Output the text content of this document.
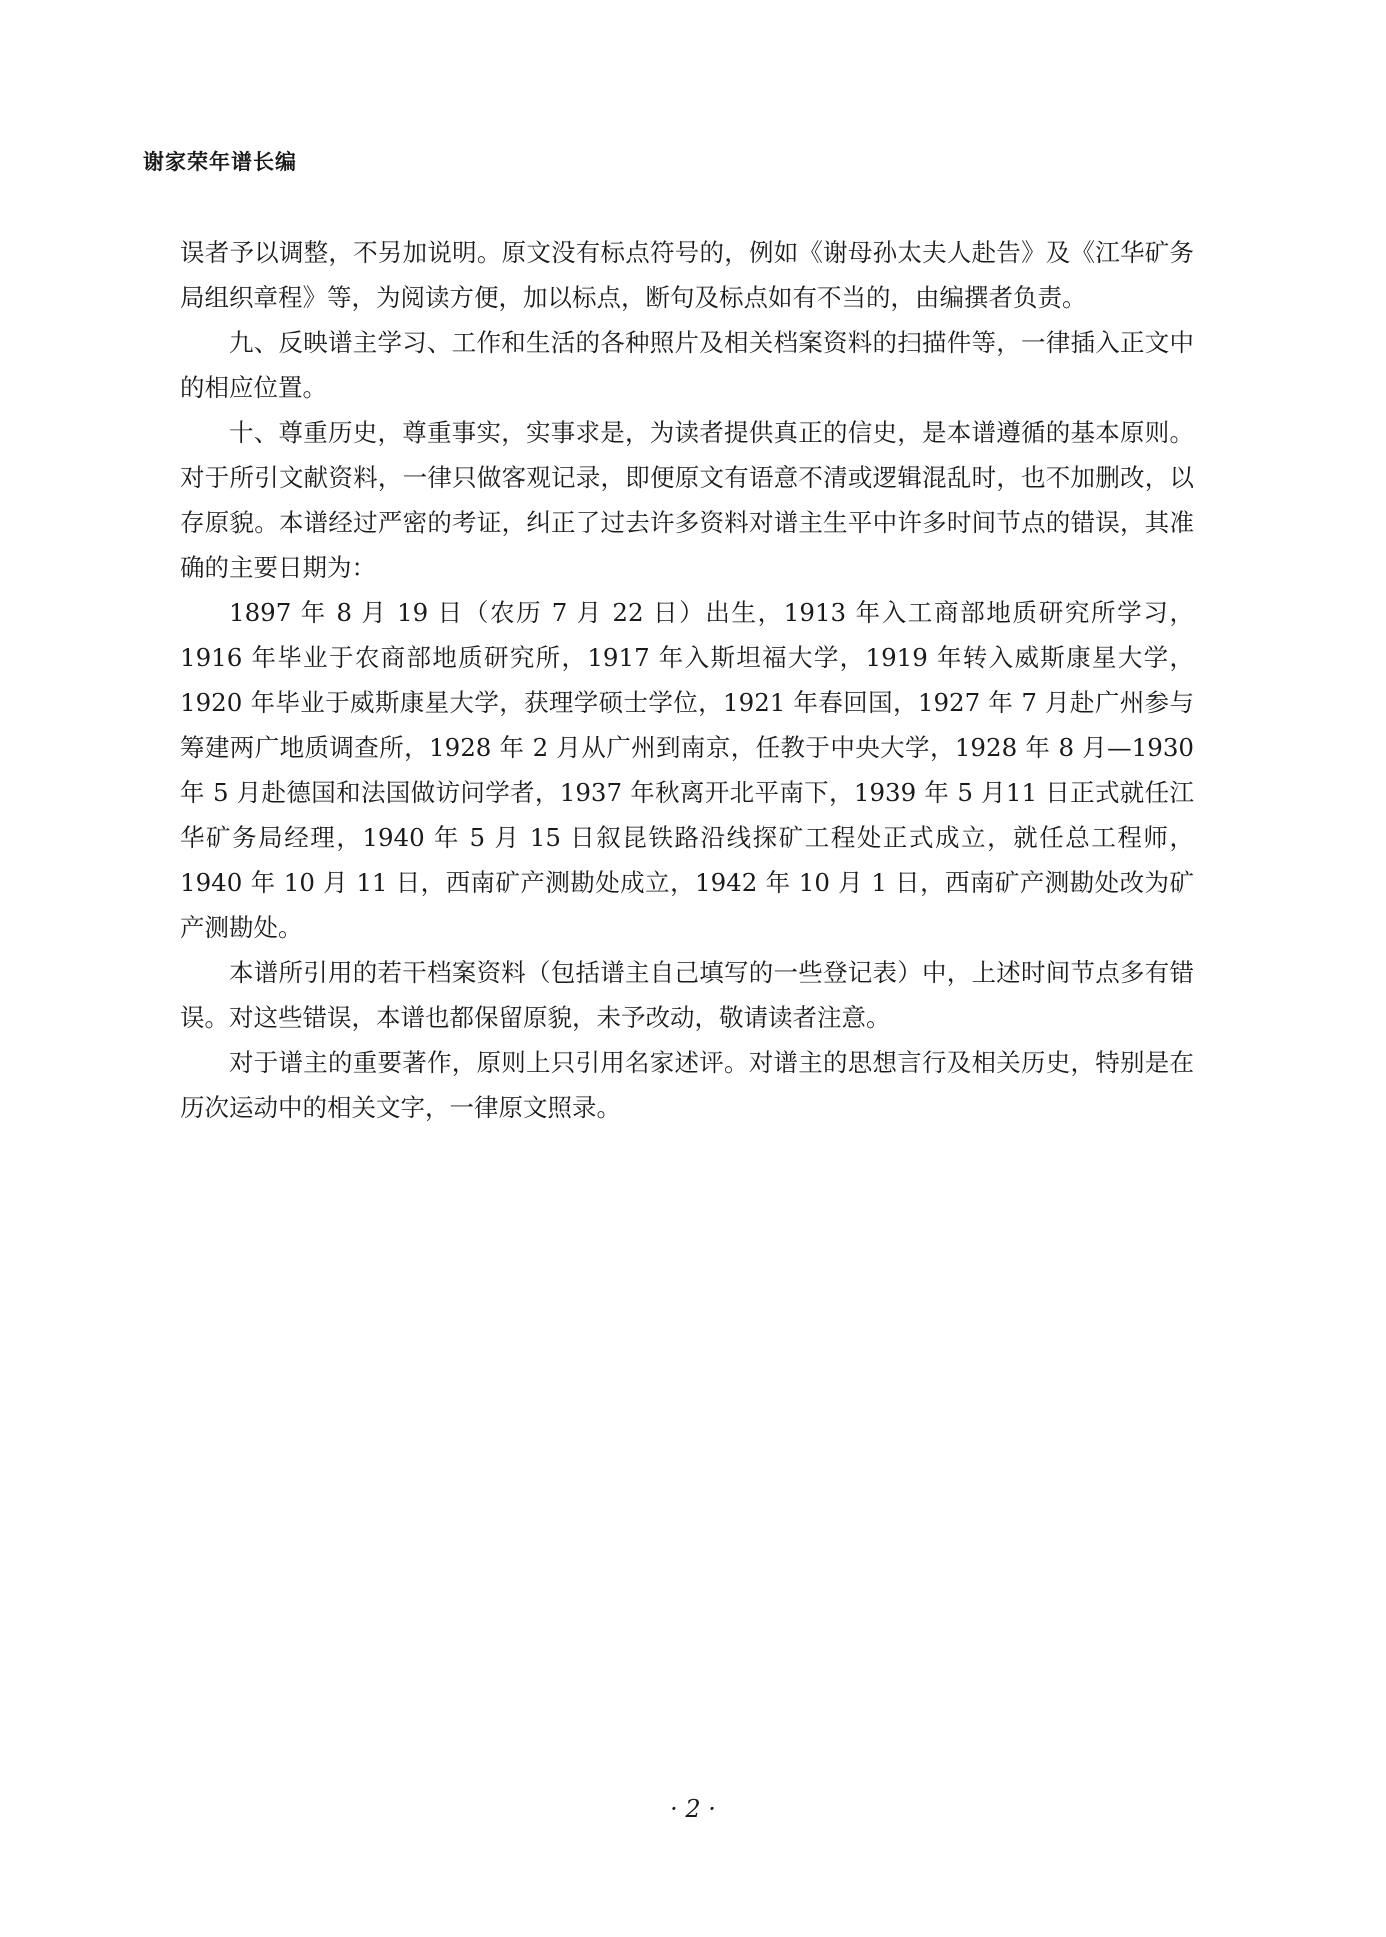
谢家荣年谱长编

误者予以调整，不另加说明。原文没有标点符号的，例如《谢母孙太夫人赴告》及《江华矿务局组织章程》等，为阅读方便，加以标点，断句及标点如有不当的，由编撰者负责。

九、反映谱主学习、工作和生活的各种照片及相关档案资料的扫描件等，一律插入正文中的相应位置。

十、尊重历史，尊重事实，实事求是，为读者提供真正的信史，是本谱遵循的基本原则。对于所引文献资料，一律只做客观记录，即便原文有语意不清或逻辑混乱时，也不加删改，以存原貌。本谱经过严密的考证，纠正了过去许多资料对谱主生平中许多时间节点的错误，其准确的主要日期为：

1897 年 8 月 19 日（农历 7 月 22 日）出生，1913 年入工商部地质研究所学习，1916 年毕业于农商部地质研究所，1917 年入斯坦福大学，1919 年转入威斯康星大学，1920 年毕业于威斯康星大学，获理学硕士学位，1921 年春回国，1927 年 7 月赴广州参与筹建两广地质调查所，1928 年 2 月从广州到南京，任教于中央大学，1928 年 8 月—1930 年 5 月赴德国和法国做访问学者，1937 年秋离开北平南下，1939 年 5 月11 日正式就任江华矿务局经理，1940 年 5 月 15 日叙昆铁路沿线探矿工程处正式成立，就任总工程师，1940 年 10 月 11 日，西南矿产测勘处成立，1942 年 10 月 1 日，西南矿产测勘处改为矿产测勘处。

本谱所引用的若干档案资料（包括谱主自己填写的一些登记表）中，上述时间节点多有错误。对这些错误，本谱也都保留原貌，未予改动，敬请读者注意。

对于谱主的重要著作，原则上只引用名家述评。对谱主的思想言行及相关历史，特别是在历次运动中的相关文字，一律原文照录。

· 2 ·
